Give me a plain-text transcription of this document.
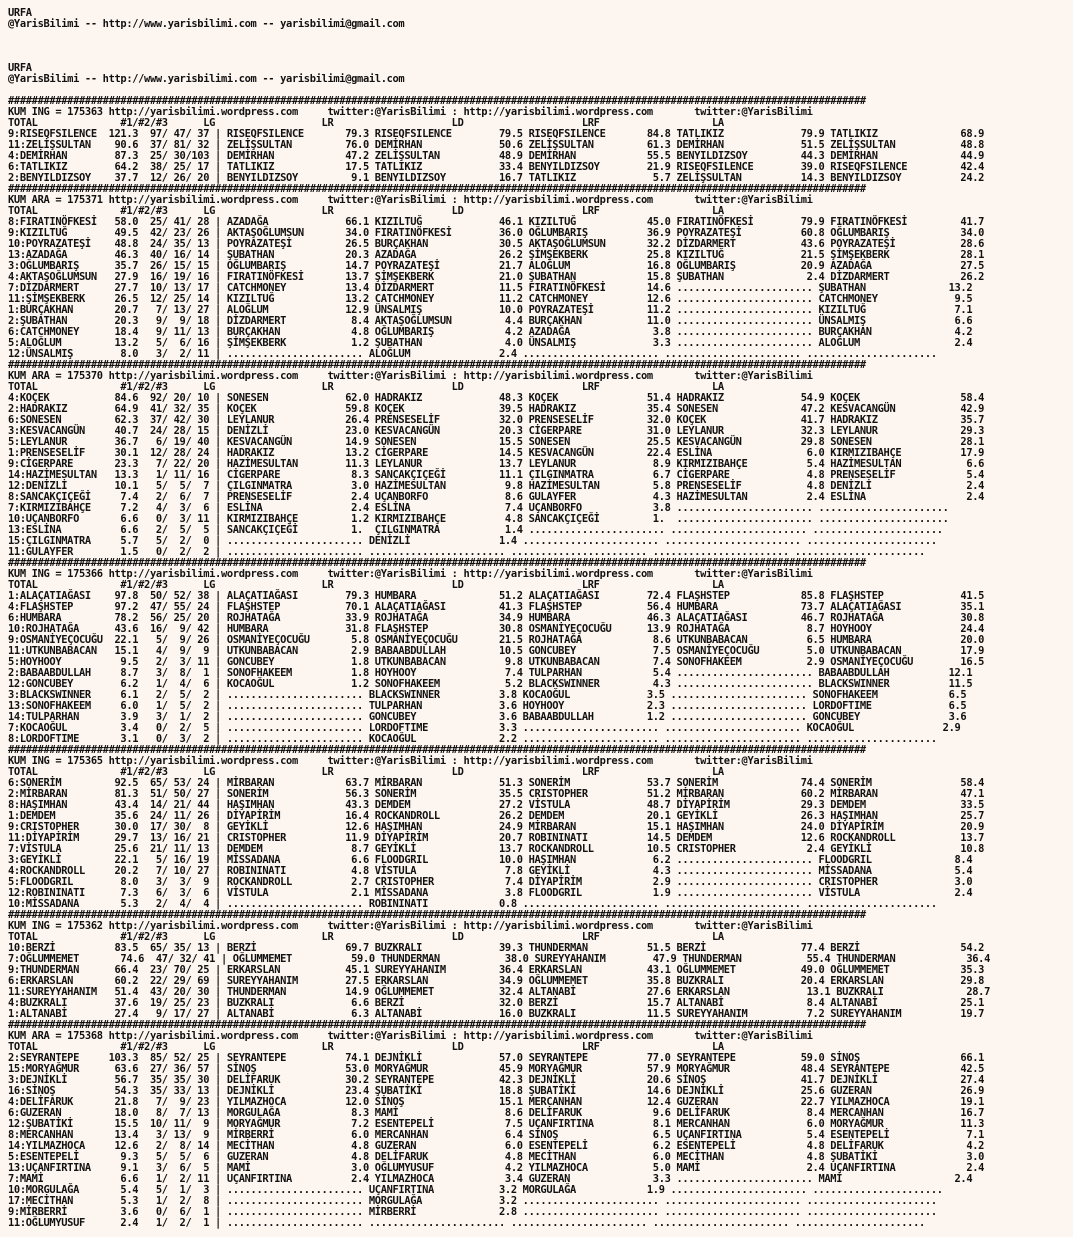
URFA
@YarisBilimi -- http://www.yarisbilimi.com -- yarisbilimi@gmail.com

URFA
@YarisBilimi -- http://www.yarisbilimi.com -- yarisbilimi@gmail.com

#################################################################################################################################################
KUM ING = 175363 http://yarisbilimi.wordpress.com     twitter:@YarisBilimi : http://yarisbilimi.wordpress.com       twitter:@YarisBilimi
TOTAL              #1/#2/#3      LG                  LR                    LD                    LRF                   LA
9:RISEQFSILENCE  121.3  97/ 47/ 37 | RISEQFSILENCE       79.3 RISEQFSILENCE        79.5 RISEQFSILENCE       84.8 TATLIKIZ             79.9 TATLIKIZ              68.9
11:ZELİŞSULTAN    90.6  37/ 81/ 32 | ZELİŞSULTAN         76.0 DEMİRHAN             50.6 ZELİŞSULTAN         61.3 DEMİRHAN             51.5 ZELİŞSULTAN           48.8
4:DEMİRHAN        87.3  25/ 30/103 | DEMİRHAN            47.2 ZELİŞSULTAN          48.9 DEMİRHAN            55.5 BENYILDIZSOY         44.3 DEMİRHAN              44.9
6:TATLIKIZ        64.2  38/ 25/ 17 | TATLIKIZ            17.5 TATLIKIZ             33.4 BENYILDIZSOY        21.9 RISEQFSILENCE        39.0 RISEQFSILENCE         42.4
2:BENYILDIZSOY    37.7  12/ 26/ 20 | BENYILDIZSOY         9.1 BENYILDIZSOY         16.7 TATLIKIZ             5.7 ZELİŞSULTAN          14.3 BENYILDIZSOY          24.2
#################################################################################################################################################
KUM ARA = 175371 http://yarisbilimi.wordpress.com     twitter:@YarisBilimi : http://yarisbilimi.wordpress.com       twitter:@YarisBilimi
TOTAL              #1/#2/#3      LG                  LR                    LD                    LRF                   LA
8:FIRATINÖFKESİ   58.0  25/ 41/ 28 | AZADAĞA             66.1 KIZILTUĞ             46.1 KIZILTUĞ            45.0 FIRATINÖFKESİ        79.9 FIRATINÖFKESİ         41.7
9:KIZILTUĞ        49.5  42/ 23/ 26 | AKTAŞOĞLUMSUN       34.0 FIRATINÖFKESİ        36.0 OĞLUMBARIŞ          36.9 POYRAZATEŞİ          60.8 OĞLUMBARIŞ            34.0
10:POYRAZATEŞİ    48.8  24/ 35/ 13 | POYRAZATEŞİ         26.5 BURÇAKHAN            30.5 AKTAŞOĞLUMSUN       32.2 DİZDARMERT           43.6 POYRAZATEŞİ           28.6
13:AZADAĞA        46.3  40/ 16/ 14 | ŞUBATHAN            20.3 AZADAĞA              26.2 ŞİMŞEKBERK          25.8 KIZILTUĞ             21.5 ŞİMŞEKBERK            28.1
3:OĞLUMBARIŞ      35.7  26/ 15/ 15 | OĞLUMBARIŞ          14.7 POYRAZATEŞİ          21.7 ALOĞLUM             16.8 OĞLUMBARIŞ           20.9 AZADAĞA               27.5
4:AKTAŞOĞLUMSUN   27.9  16/ 19/ 16 | FIRATINÖFKESİ       13.7 ŞİMŞEKBERK           21.0 ŞUBATHAN            15.8 ŞUBATHAN              2.4 DİZDARMERT            26.2
7:DİZDARMERT      27.7  10/ 13/ 17 | CATCHMONEY          13.4 DİZDARMERT           11.5 FIRATINÖFKESİ       14.6 ....................... ŞUBATHAN              13.2
11:ŞİMŞEKBERK     26.5  12/ 25/ 14 | KIZILTUĞ            13.2 CATCHMONEY           11.2 CATCHMONEY          12.6 ....................... CATCHMONEY             9.5
1:BURÇAKHAN       20.7   7/ 13/ 27 | ALOĞLUM             12.9 ÜNSALMIŞ             10.0 POYRAZATEŞİ         11.2 ....................... KIZILTUĞ               7.1
2:ŞUBATHAN        20.3   9/  9/ 18 | DİZDARMERT           8.4 AKTAŞOĞLUMSUN         4.4 BURÇAKHAN           11.0 ....................... ÜNSALMIŞ               6.6
6:CATCHMONEY      18.4   9/ 11/ 13 | BURÇAKHAN            4.8 OĞLUMBARIŞ            4.2 AZADAĞA              3.8 ....................... BURÇAKHAN              4.2
5:ALOĞLUM         13.2   5/  6/ 16 | ŞİMŞEKBERK           1.2 ŞUBATHAN              4.0 ÜNSALMIŞ             3.3 ....................... ALOĞLUM                2.4
12:ÜNSALMIŞ        8.0   3/  2/ 11 | ....................... ALOĞLUM               2.4 ....................... ....................... ......................
#################################################################################################################################################
KUM ARA = 175370 http://yarisbilimi.wordpress.com     twitter:@YarisBilimi : http://yarisbilimi.wordpress.com       twitter:@YarisBilimi
TOTAL              #1/#2/#3      LG                  LR                    LD                    LRF                   LA
4:KOÇEK           84.6  92/ 20/ 10 | SONESEN             62.0 HADRAKIZ             48.3 KOÇEK               51.4 HADRAKIZ             54.9 KOÇEK                 58.4
2:HADRAKIZ        64.9  41/ 32/ 35 | KOÇEK               59.8 KOÇEK                39.5 HADRAKIZ            35.4 SONESEN              47.2 KESVACANGÜN           42.9
6:SONESEN         62.3  37/ 42/ 30 | LEYLANUR            26.4 PRENSESELİF          32.0 PRENSESELİF         32.0 KOÇEK                41.7 HADRAKIZ              35.7
3:KESVACANGÜN     40.7  24/ 28/ 15 | DENİZLİ             23.0 KESVACANGÜN          20.3 CİGERPARE           31.0 LEYLANUR             32.3 LEYLANUR              29.3
5:LEYLANUR        36.7   6/ 19/ 40 | KESVACANGÜN         14.9 SONESEN              15.5 SONESEN             25.5 KESVACANGÜN          29.8 SONESEN               28.1
1:PRENSESELİF     30.1  12/ 28/ 24 | HADRAKIZ            13.2 CİGERPARE            14.5 KESVACANGÜN         22.4 ESLİNA                6.0 KIRMIZIBAHÇE          17.9
9:CİGERPARE       23.3   7/ 22/ 20 | HAZİMESULTAN        11.3 LEYLANUR             13.7 LEYLANUR             8.9 KIRMIZIBAHÇE          5.4 HAZİMESULTAN           6.6
14:HAZİMESULTAN   13.3   1/ 11/ 16 | CİGERPARE            8.3 SANCAKÇIÇEĞİ         11.1 ÇILGINMATRA          6.7 CİGERPARE             4.8 PRENSESELİF            5.4
12:DENİZLİ        10.1   5/  5/  7 | ÇILGINMATRA          3.0 HAZİMESULTAN          9.8 HAZİMESULTAN         5.8 PRENSESELİF           4.8 DENİZLİ                2.4
8:SANCAKÇIÇEĞİ     7.4   2/  6/  7 | PRENSESELİF          2.4 UÇANBORFO             8.6 GULAYFER             4.3 HAZİMESULTAN          2.4 ESLİNA                 2.4
7:KIRMIZIBAHÇE     7.2   4/  3/  6 | ESLİNA               2.4 ESLİNA                7.4 UÇANBORFO            3.8 ....................... ......................
10:UÇANBORFO       6.6   0/  3/ 11 | KIRMIZIBAHÇE         1.2 KIRMIZIBAHÇE          4.8 SANCAKÇIÇEĞİ         1.  ....................... ......................
13:ESLİNA          6.6   2/  5/  5 | SANCAKÇIÇEĞİ         1.  ÇILGINMATRA           1.4 ....................... ....................... ......................
15:ÇILGINMATRA     5.7   5/  2/  0 | ....................... DENİZLİ               1.4 ....................... ....................... ......................
11:GULAYFER        1.5   0/  2/  2 | ....................... ....................... ....................... ....................... ......................
#################################################################################################################################################
KUM ING = 175366 http://yarisbilimi.wordpress.com     twitter:@YarisBilimi : http://yarisbilimi.wordpress.com       twitter:@YarisBilimi
TOTAL              #1/#2/#3      LG                  LR                    LD                    LRF                   LA
1:ALAÇATIAĞASI    97.8  50/ 52/ 38 | ALAÇATIAĞASI        79.3 HUMBARA              51.2 ALAÇATIAĞASI        72.4 FLAŞHSTEP            85.8 FLAŞHSTEP             41.5
4:FLAŞHSTEP       97.2  47/ 55/ 24 | FLAŞHSTEP           70.1 ALAÇATIAĞASI         41.3 FLAŞHSTEP           56.4 HUMBARA              73.7 ALAÇATIAĞASI          35.1
6:HUMBARA         78.2  56/ 25/ 20 | ROJHATAĞA           33.9 ROJHATAĞA            34.9 HUMBARA             46.3 ALAÇATIAĞASI         46.7 ROJHATAĞA             30.8
10:ROJHATAĞA      43.6  16/  9/ 42 | HUMBARA             31.8 FLAŞHSTEP            30.8 OSMANİYEÇOCUĞU      13.9 ROJHATAĞA             8.7 HOYHOOY               24.4
9:OSMANİYEÇOCUĞU  22.1   5/  9/ 26 | OSMANİYEÇOCUĞU       5.8 OSMANİYEÇOCUĞU       21.5 ROJHATAĞA            8.6 UTKUNBABACAN          6.5 HUMBARA               20.0
11:UTKUNBABACAN   15.1   4/  9/  9 | UTKUNBABACAN         2.9 BABAABDULLAH         10.5 GONCUBEY             7.5 OSMANİYEÇOCUĞU        5.0 UTKUNBABACAN          17.9
5:HOYHOOY          9.5   2/  3/ 11 | GONCUBEY             1.8 UTKUNBABACAN          9.8 UTKUNBABACAN         7.4 SONOFHAKEEM           2.9 OSMANİYEÇOCUĞU        16.5
2:BABAABDULLAH     8.7   3/  8/  1 | SONOFHAKEEM          1.8 HOYHOOY               7.4 TULPARHAN            5.4 ....................... BABAABDULLAH          12.1
12:GONCUBEY        6.2   1/  4/  6 | KOCAOĞUL             1.2 SONOFHAKEEM           5.2 BLACKSWINNER         4.3 ....................... BLACKSWINNER          11.5
3:BLACKSWINNER     6.1   2/  5/  2 | ....................... BLACKSWINNER          3.8 KOCAOĞUL             3.5 ....................... SONOFHAKEEM            6.5
13:SONOFHAKEEM     6.0   1/  5/  2 | ....................... TULPARHAN             3.6 HOYHOOY              2.3 ....................... LORDOFTIME             6.5
14:TULPARHAN       3.9   3/  1/  2 | ....................... GONCUBEY              3.6 BABAABDULLAH         1.2 ....................... GONCUBEY               3.6
7:KOCAOĞUL         3.4   0/  2/  5 | ....................... LORDOFTIME            3.3 ....................... ....................... KOCAOĞUL               2.9
8:LORDOFTIME       3.1   0/  3/  2 | ....................... KOCAOĞUL              2.2 ....................... ....................... ......................
#################################################################################################################################################
KUM ING = 175365 http://yarisbilimi.wordpress.com     twitter:@YarisBilimi : http://yarisbilimi.wordpress.com       twitter:@YarisBilimi
TOTAL              #1/#2/#3      LG                  LR                    LD                    LRF                   LA
6:SONERİM         92.5  65/ 53/ 24 | MİRBARAN            63.7 MİRBARAN             51.3 SONERİM             53.7 SONERİM              74.4 SONERİM               58.4
2:MİRBARAN        81.3  51/ 50/ 27 | SONERİM             56.3 SONERİM              35.5 CRISTOPHER          51.2 MİRBARAN             60.2 MİRBARAN              47.1
8:HAŞIMHAN        43.4  14/ 21/ 44 | HAŞIMHAN            43.3 DEMDEM               27.2 VİSTULA             48.7 DİYAPİRİM            29.3 DEMDEM                33.5
1:DEMDEM          35.6  24/ 11/ 26 | DİYAPİRİM           16.4 ROCKANDROLL          26.2 DEMDEM              20.1 GEYİKLİ              26.3 HAŞIMHAN              25.7
9:CRISTOPHER      30.0  17/ 30/  8 | GEYİKLİ             12.6 HAŞIMHAN             24.9 MİRBARAN            15.1 HAŞIMHAN             24.0 DİYAPİRİM             20.9
11:DİYAPİRİM      29.7  13/ 16/ 21 | CRISTOPHER          11.9 DİYAPİRİM            20.7 ROBININATI          14.5 DEMDEM               12.6 ROCKANDROLL           13.7
7:VİSTULA         25.6  21/ 11/ 13 | DEMDEM               8.7 GEYİKLİ              13.7 ROCKANDROLL         10.5 CRISTOPHER            2.4 GEYİKLİ               10.8
3:GEYİKLİ         22.1   5/ 16/ 19 | MİSSADANA            6.6 FLOODGRIL            10.0 HAŞIMHAN             6.2 ....................... FLOODGRIL              8.4
4:ROCKANDROLL     20.2   7/ 10/ 27 | ROBININATI           4.8 VİSTULA               7.8 GEYİKLİ              4.3 ....................... MİSSADANA              5.4
5:FLOODGRIL        8.0   3/  3/  9 | ROCKANDROLL          2.7 CRISTOPHER            7.4 DİYAPİRİM            2.9 ....................... CRISTOPHER             3.0
12:ROBININATI      7.3   6/  3/  6 | VİSTULA              2.1 MİSSADANA             3.8 FLOODGRIL            1.9 ....................... VİSTULA                2.4
10:MİSSADANA       5.3   2/  4/  4 | ....................... ROBININATI            0.8 ....................... ....................... ......................
#################################################################################################################################################
KUM ING = 175362 http://yarisbilimi.wordpress.com     twitter:@YarisBilimi : http://yarisbilimi.wordpress.com       twitter:@YarisBilimi
TOTAL              #1/#2/#3      LG                  LR                    LD                    LRF                   LA
10:BERZİ          83.5  65/ 35/ 13 | BERZİ               69.7 BUZKRALI             39.3 THUNDERMAN          51.5 BERZİ                77.4 BERZİ                 54.2
7:OĞLUMMEMET       74.6  47/ 32/ 41 | OĞLUMMEMET          59.0 THUNDERMAN           38.0 SUREYYAHANIM        47.9 THUNDERMAN           55.4 THUNDERMAN            36.4
9:THUNDERMAN      66.4  23/ 70/ 25 | ERKARSLAN           45.1 SUREYYAHANIM         36.4 ERKARSLAN           43.1 OĞLUMMEMET           49.0 OĞLUMMEMET            35.3
6:ERKARSLAN       60.2  22/ 29/ 69 | SUREYYAHANIM        27.5 ERKARSLAN            34.9 OĞLUMMEMET          35.8 BUZKRALI             20.4 ERKARSLAN             29.8
11:SUREYYAHANIM   51.4  43/ 20/ 30 | THUNDERMAN          14.9 OĞLUMMEMET           32.4 ALTANABİ            27.6 ERKARSLAN             13.1 BUZKRALI              28.7
4:BUZKRALI        37.6  19/ 25/ 23 | BUZKRALI             6.6 BERZİ                32.0 BERZİ               15.7 ALTANABİ              8.4 ALTANABİ              25.1
1:ALTANABİ        27.4   9/ 17/ 27 | ALTANABİ             6.3 ALTANABİ             16.0 BUZKRALI            11.5 SUREYYAHANIM          7.2 SUREYYAHANIM          19.7
#################################################################################################################################################
KUM ARA = 175368 http://yarisbilimi.wordpress.com     twitter:@YarisBilimi : http://yarisbilimi.wordpress.com       twitter:@YarisBilimi
TOTAL              #1/#2/#3      LG                  LR                    LD                    LRF                   LA
2:SEYRANTEPE     103.3  85/ 52/ 25 | SEYRANTEPE          74.1 DEJNİKLİ             57.0 SEYRANTEPE          77.0 SEYRANTEPE           59.0 SİNOŞ                 66.1
15:MORYAĞMUR      63.6  27/ 36/ 57 | SİNOŞ               53.0 MORYAĞMUR            45.9 MORYAĞMUR           57.9 MORYAĞMUR            48.4 SEYRANTEPE            42.5
3:DEJNİKLİ        56.7  35/ 35/ 30 | DELİFARUK           30.2 SEYRANTEPE           42.3 DEJNİKLİ            20.6 SİNOŞ                41.7 DEJNİKLİ              27.4
16:SİNOŞ          54.3  35/ 33/ 13 | DEJNİKLİ            23.4 ŞUBATİKİ             18.8 ŞUBATİKİ            14.6 DEJNİKLİ             25.6 GUZERAN               26.9
4:DELİFARUK       21.8   7/  9/ 23 | YILMAZHOCA          12.0 SİNOŞ                15.1 MERCANHAN           12.4 GUZERAN              22.7 YILMAZHOCA            19.1
6:GUZERAN         18.0   8/  7/ 13 | MORGULAĞA            8.3 MAMİ                  8.6 DELİFARUK            9.6 DELİFARUK             8.4 MERCANHAN             16.7
12:ŞUBATİKİ       15.5  10/ 11/  9 | MORYAĞMUR            7.2 ESENTEPELİ            7.5 UÇANFIRTINA          8.1 MERCANHAN             6.0 MORYAĞMUR             11.3
8:MERCANHAN       13.4   3/ 13/  9 | MİRBERRİ             6.0 MERCANHAN             6.4 SİNOŞ                6.5 UÇANFIRTINA           5.4 ESENTEPELİ             7.1
14:YILMAZHOCA     12.6   2/  8/ 14 | MECİTHAN             4.8 GUZERAN               6.0 ESENTEPELİ           6.2 ESENTEPELİ            4.8 DELİFARUK              4.2
5:ESENTEPELİ       9.3   5/  5/  6 | GUZERAN              4.8 DELİFARUK             4.8 MECİTHAN             6.0 MECİTHAN              4.8 ŞUBATİKİ               3.0
13:UÇANFIRTINA     9.1   3/  6/  5 | MAMİ                 3.0 OĞLUMYUSUF            4.2 YILMAZHOCA           5.0 MAMİ                  2.4 UÇANFIRTINA            2.4
7:MAMİ             6.6   1/  2/ 11 | UÇANFIRTINA          2.4 YILMAZHOCA            3.4 GUZERAN              3.3 ....................... MAMİ                   2.4
10:MORGULAĞA       5.4   5/  1/  3 | ....................... UÇANFIRTINA           3.2 MORGULAĞA            1.9 ....................... ......................
17:MECİTHAN        5.3   1/  2/  8 | ....................... MORGULAĞA             3.2 ....................... ....................... ......................
9:MİRBERRİ         3.6   0/  6/  1 | ....................... MİRBERRİ              2.8 ....................... ....................... ......................
11:OĞLUMYUSUF      2.4   1/  2/  1 | ....................... ....................... ....................... ....................... ......................
